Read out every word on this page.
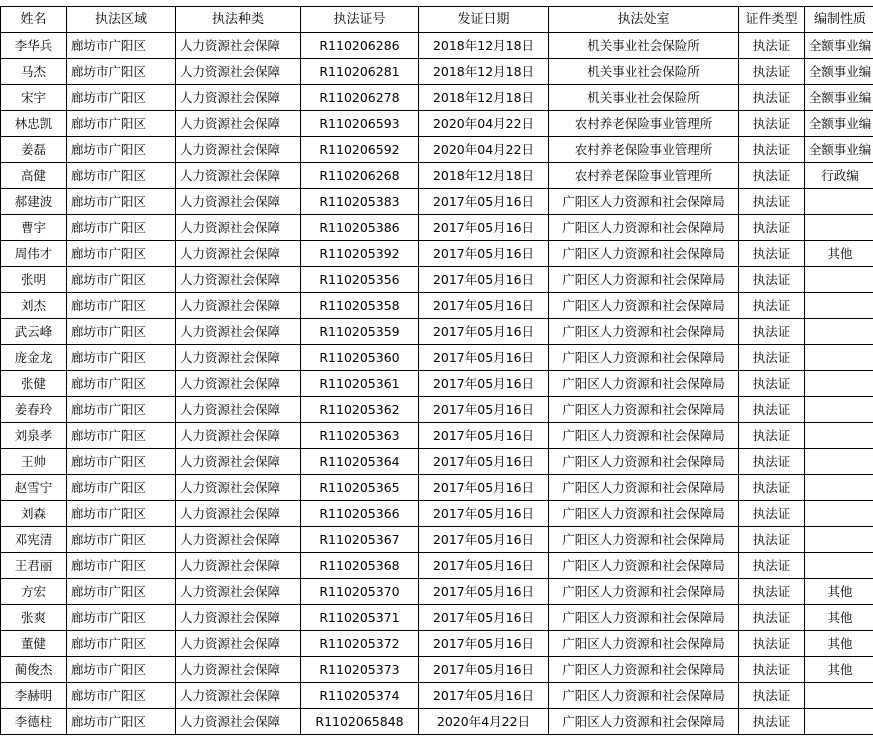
姓名	执法区域	执法种类	执法证号	发证日期	执法处室	证件类型	编制性质
李华兵	廊坊市广阳区	人力资源社会保障	R110206286	2018年12月18日	机关事业社会保险所	执法证	全额事业编
马杰	廊坊市广阳区	人力资源社会保障	R110206281	2018年12月18日	机关事业社会保险所	执法证	全额事业编
宋宇	廊坊市广阳区	人力资源社会保障	R110206278	2018年12月18日	机关事业社会保险所	执法证	全额事业编
林忠凯	廊坊市广阳区	人力资源社会保障	R110206593	2020年04月22日	农村养老保险事业管理所	执法证	全额事业编
姜磊	廊坊市广阳区	人力资源社会保障	R110206592	2020年04月22日	农村养老保险事业管理所	执法证	全额事业编
高健	廊坊市广阳区	人力资源社会保障	R110206268	2018年12月18日	农村养老保险事业管理所	执法证	行政编
郝建波	廊坊市广阳区	人力资源社会保障	R110205383	2017年05月16日	广阳区人力资源和社会保障局	执法证	
曹宇	廊坊市广阳区	人力资源社会保障	R110205386	2017年05月16日	广阳区人力资源和社会保障局	执法证	
周伟才	廊坊市广阳区	人力资源社会保障	R110205392	2017年05月16日	广阳区人力资源和社会保障局	执法证	其他
张明	廊坊市广阳区	人力资源社会保障	R110205356	2017年05月16日	广阳区人力资源和社会保障局	执法证	
刘杰	廊坊市广阳区	人力资源社会保障	R110205358	2017年05月16日	广阳区人力资源和社会保障局	执法证	
武云峰	廊坊市广阳区	人力资源社会保障	R110205359	2017年05月16日	广阳区人力资源和社会保障局	执法证	
庞金龙	廊坊市广阳区	人力资源社会保障	R110205360	2017年05月16日	广阳区人力资源和社会保障局	执法证	
张健	廊坊市广阳区	人力资源社会保障	R110205361	2017年05月16日	广阳区人力资源和社会保障局	执法证	
姜春玲	廊坊市广阳区	人力资源社会保障	R110205362	2017年05月16日	广阳区人力资源和社会保障局	执法证	
刘泉孝	廊坊市广阳区	人力资源社会保障	R110205363	2017年05月16日	广阳区人力资源和社会保障局	执法证	
王帅	廊坊市广阳区	人力资源社会保障	R110205364	2017年05月16日	广阳区人力资源和社会保障局	执法证	
赵雪宁	廊坊市广阳区	人力资源社会保障	R110205365	2017年05月16日	广阳区人力资源和社会保障局	执法证	
刘森	廊坊市广阳区	人力资源社会保障	R110205366	2017年05月16日	广阳区人力资源和社会保障局	执法证	
邓宪清	廊坊市广阳区	人力资源社会保障	R110205367	2017年05月16日	广阳区人力资源和社会保障局	执法证	
王君丽	廊坊市广阳区	人力资源社会保障	R110205368	2017年05月16日	广阳区人力资源和社会保障局	执法证	
方宏	廊坊市广阳区	人力资源社会保障	R110205370	2017年05月16日	广阳区人力资源和社会保障局	执法证	其他
张爽	廊坊市广阳区	人力资源社会保障	R110205371	2017年05月16日	广阳区人力资源和社会保障局	执法证	其他
董健	廊坊市广阳区	人力资源社会保障	R110205372	2017年05月16日	广阳区人力资源和社会保障局	执法证	其他
蔺俊杰	廊坊市广阳区	人力资源社会保障	R110205373	2017年05月16日	广阳区人力资源和社会保障局	执法证	其他
李赫明	廊坊市广阳区	人力资源社会保障	R110205374	2017年05月16日	广阳区人力资源和社会保障局	执法证	
李德柱	廊坊市广阳区	人力资源社会保障	R1102065848	2020年4月22日	广阳区人力资源和社会保障局	执法证	
